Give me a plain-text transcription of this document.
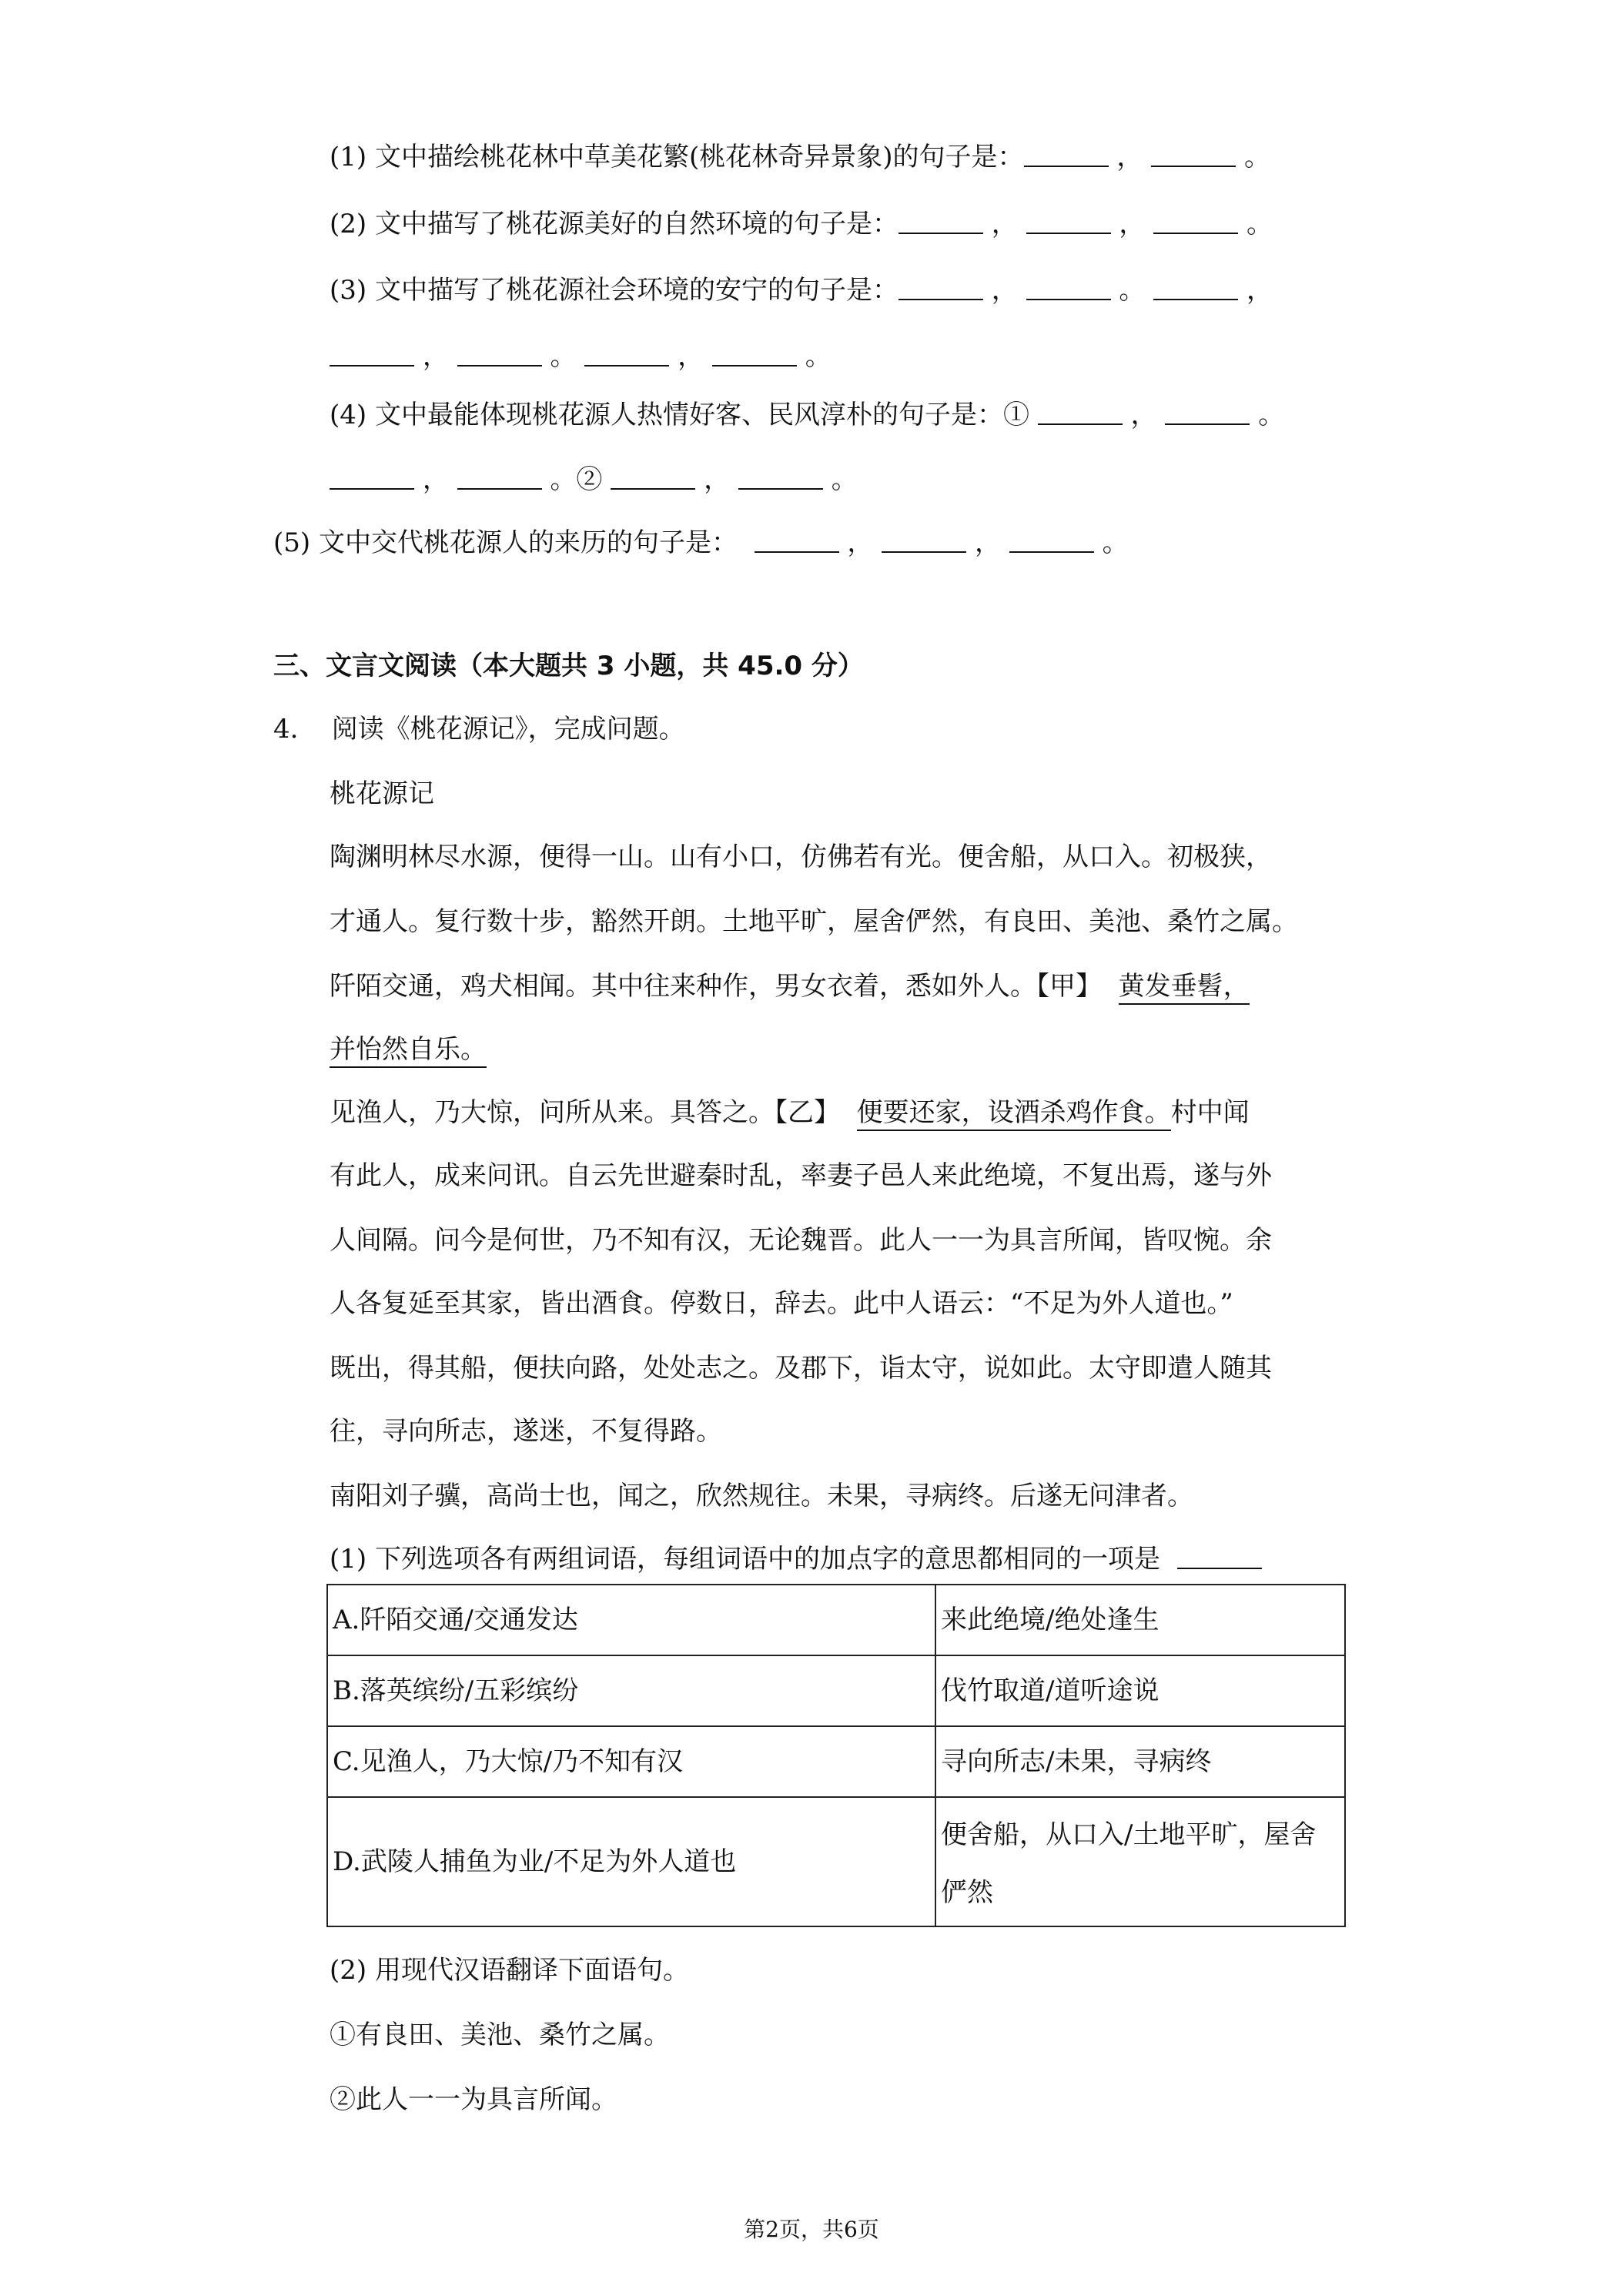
(1) 文中描绘桃花林中草美花繁(桃花林奇异景象)的句子是：	，	。
(2) 文中描写了桃花源美好的自然环境的句子是：	，	，	。
(3) 文中描写了桃花源社会环境的安宁的句子是：	，	。	，
，	。	，	。
(4) 文中最能体现桃花源人热情好客、民风淳朴的句子是：①	，	。
，	。②	，	。
(5) 文中交代桃花源人的来历的句子是：	，	，	。
三、文言文阅读（本大题共 3 小题，共 45.0 分）
4. 阅读《桃花源记》，完成问题。
桃花源记
陶渊明林尽水源，便得一山。山有小口，仿佛若有光。便舍船，从口入。初极狭，
才通人。复行数十步，豁然开朗。土地平旷，屋舍俨然，有良田、美池、桑竹之属。
阡陌交通，鸡犬相闻。其中往来种作，男女衣着，悉如外人。【甲】 黄发垂髫，
并怡然自乐。
见渔人，乃大惊，问所从来。具答之。【乙】 便要还家，设酒杀鸡作食。村中闻
有此人，成来问讯。自云先世避秦时乱，率妻子邑人来此绝境，不复出焉，遂与外
人间隔。问今是何世，乃不知有汉，无论魏晋。此人一一为具言所闻，皆叹惋。余
人各复延至其家，皆出酒食。停数日，辞去。此中人语云：“不足为外人道也。”
既出，得其船，便扶向路，处处志之。及郡下，诣太守，说如此。太守即遣人随其
往，寻向所志，遂迷，不复得路。
南阳刘子骥，高尚士也，闻之，欣然规往。未果，寻病终。后遂无问津者。
(1) 下列选项各有两组词语，每组词语中的加点字的意思都相同的一项是
A.阡陌交通/交通发达	来此绝境/绝处逢生
B.落英缤纷/五彩缤纷	伐竹取道/道听途说
C.见渔人，乃大惊/乃不知有汉	寻向所志/未果，寻病终
D.武陵人捕鱼为业/不足为外人道也	便舍船，从口入/土地平旷，屋舍
俨然
(2) 用现代汉语翻译下面语句。
①有良田、美池、桑竹之属。
②此人一一为具言所闻。
第2页，共6页
